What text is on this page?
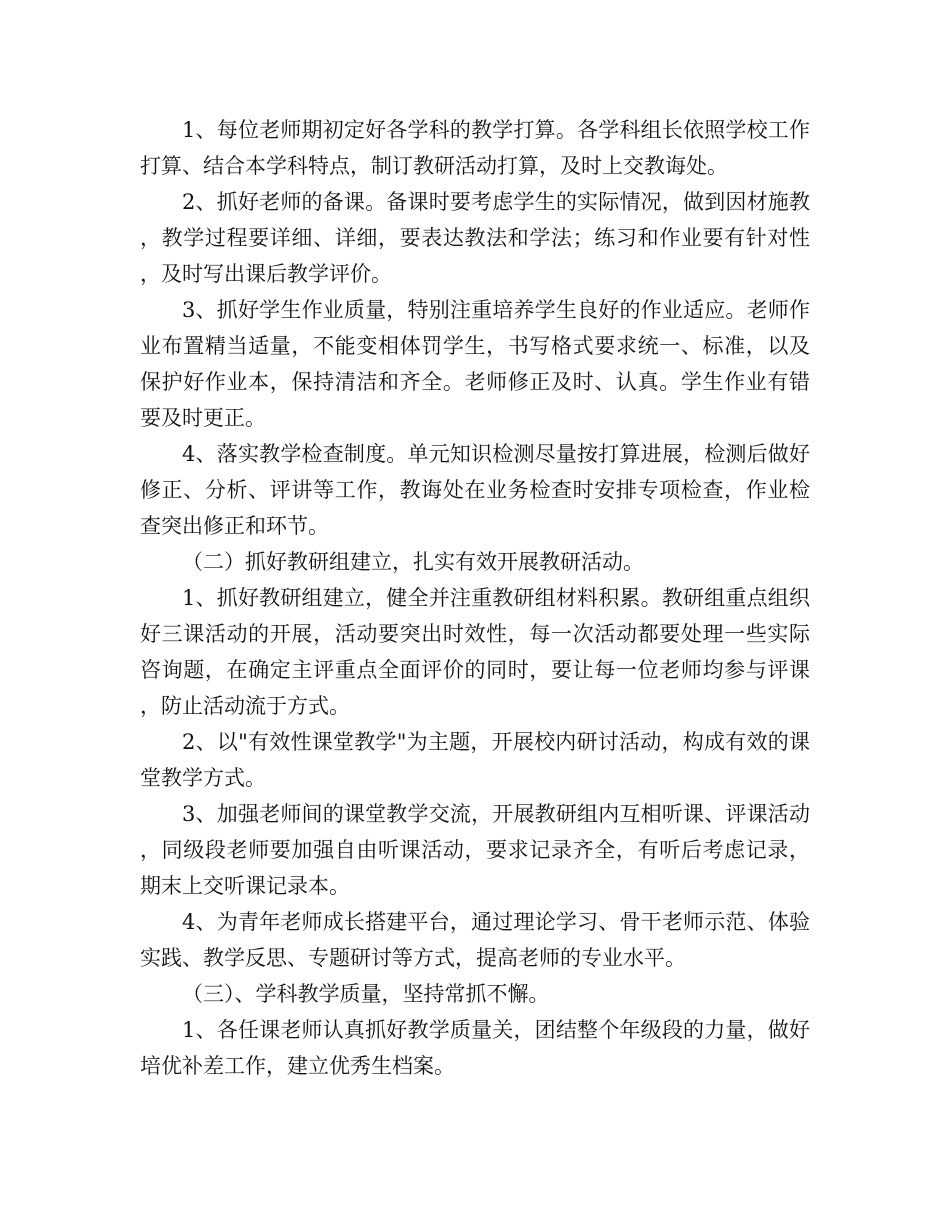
1、每位老师期初定好各学科的教学打算。各学科组长依照学校工作打算、结合本学科特点，制订教研活动打算，及时上交教诲处。

2、抓好老师的备课。备课时要考虑学生的实际情况，做到因材施教，教学过程要详细、详细，要表达教法和学法；练习和作业要有针对性，及时写出课后教学评价。

3、抓好学生作业质量，特别注重培养学生良好的作业适应。老师作业布置精当适量，不能变相体罚学生，书写格式要求统一、标准，以及保护好作业本，保持清洁和齐全。老师修正及时、认真。学生作业有错要及时更正。

4、落实教学检查制度。单元知识检测尽量按打算进展，检测后做好修正、分析、评讲等工作，教诲处在业务检查时安排专项检查，作业检查突出修正和环节。

（二）抓好教研组建立，扎实有效开展教研活动。

1、抓好教研组建立，健全并注重教研组材料积累。教研组重点组织好三课活动的开展，活动要突出时效性，每一次活动都要处理一些实际咨询题，在确定主评重点全面评价的同时，要让每一位老师均参与评课，防止活动流于方式。

2、以"有效性课堂教学"为主题，开展校内研讨活动，构成有效的课堂教学方式。

3、加强老师间的课堂教学交流，开展教研组内互相听课、评课活动，同级段老师要加强自由听课活动，要求记录齐全，有听后考虑记录，期末上交听课记录本。

4、为青年老师成长搭建平台，通过理论学习、骨干老师示范、体验实践、教学反思、专题研讨等方式，提高老师的专业水平。

（三）、学科教学质量，坚持常抓不懈。

1、各任课老师认真抓好教学质量关，团结整个年级段的力量，做好培优补差工作，建立优秀生档案。
